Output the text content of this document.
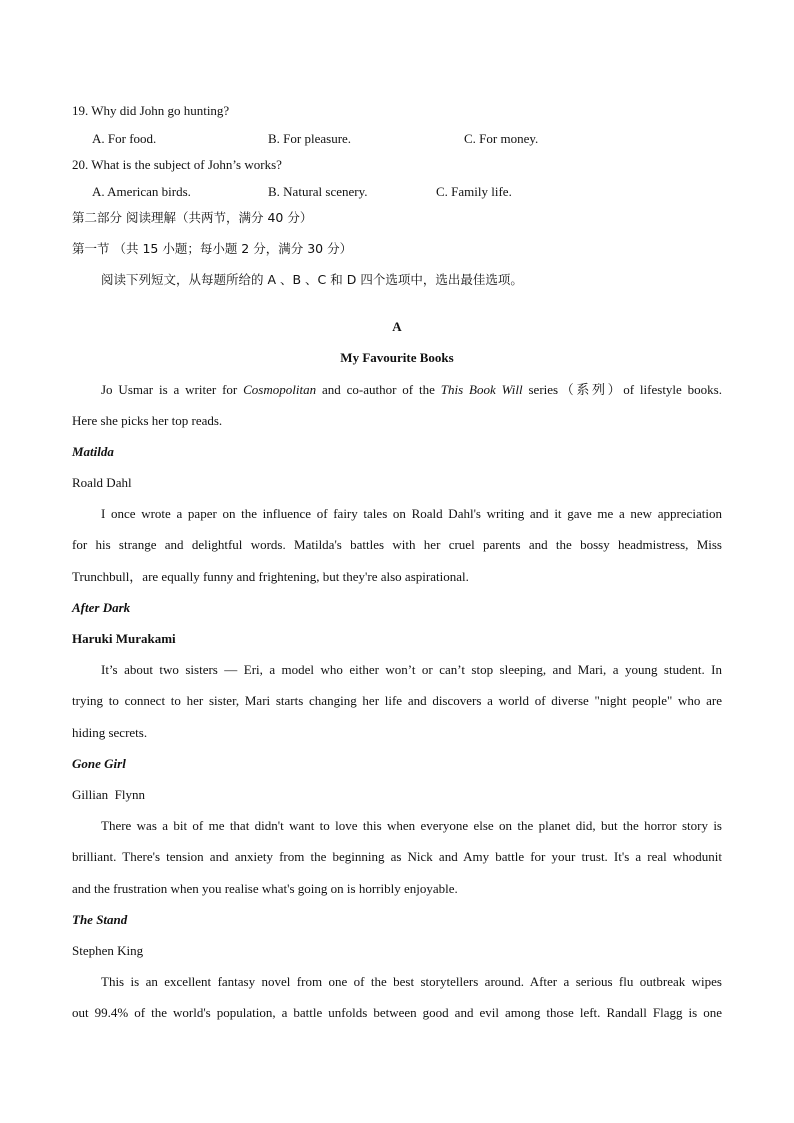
19. Why did John go hunting?
A. For food.	B. For pleasure.	C. For money.
20. What is the subject of John’s works?
A. American birds.	B. Natural scenery.	C. Family life.
第二部分 阅读理解（共两节，满分 40 分）
第一节 （共 15 小题；每小题 2 分，满分 30 分）
阅读下列短文，从每题所给的 A 、B 、C 和 D 四个选项中，选出最佳选项。
A
My Favourite Books
Jo Usmar is a writer for Cosmopolitan and co-author of the This Book Will series（系列）of lifestyle books.
Here she picks her top reads.
Matilda
Roald Dahl
I once wrote a paper on the influence of fairy tales on Roald Dahl's writing and it gave me a new appreciation
for his strange and delightful words. Matilda's battles with her cruel parents and the bossy headmistress, Miss
Trunchbull，are equally funny and frightening, but they're also aspirational.
After Dark
Haruki Murakami
It’s about two sisters — Eri, a model who either won’t or can’t stop sleeping, and Mari, a young student. In
trying to connect to her sister, Mari starts changing her life and discovers a world of diverse "night people" who are
hiding secrets.
Gone Girl
Gillian  Flynn
There was a bit of me that didn't want to love this when everyone else on the planet did, but the horror story is
brilliant. There's tension and anxiety from the beginning as Nick and Amy battle for your trust. It's a real whodunit
and the frustration when you realise what's going on is horribly enjoyable.
The Stand
Stephen King
This is an excellent fantasy novel from one of the best storytellers around. After a serious flu outbreak wipes
out 99.4% of the world's population, a battle unfolds between good and evil among those left. Randall Flagg is one
